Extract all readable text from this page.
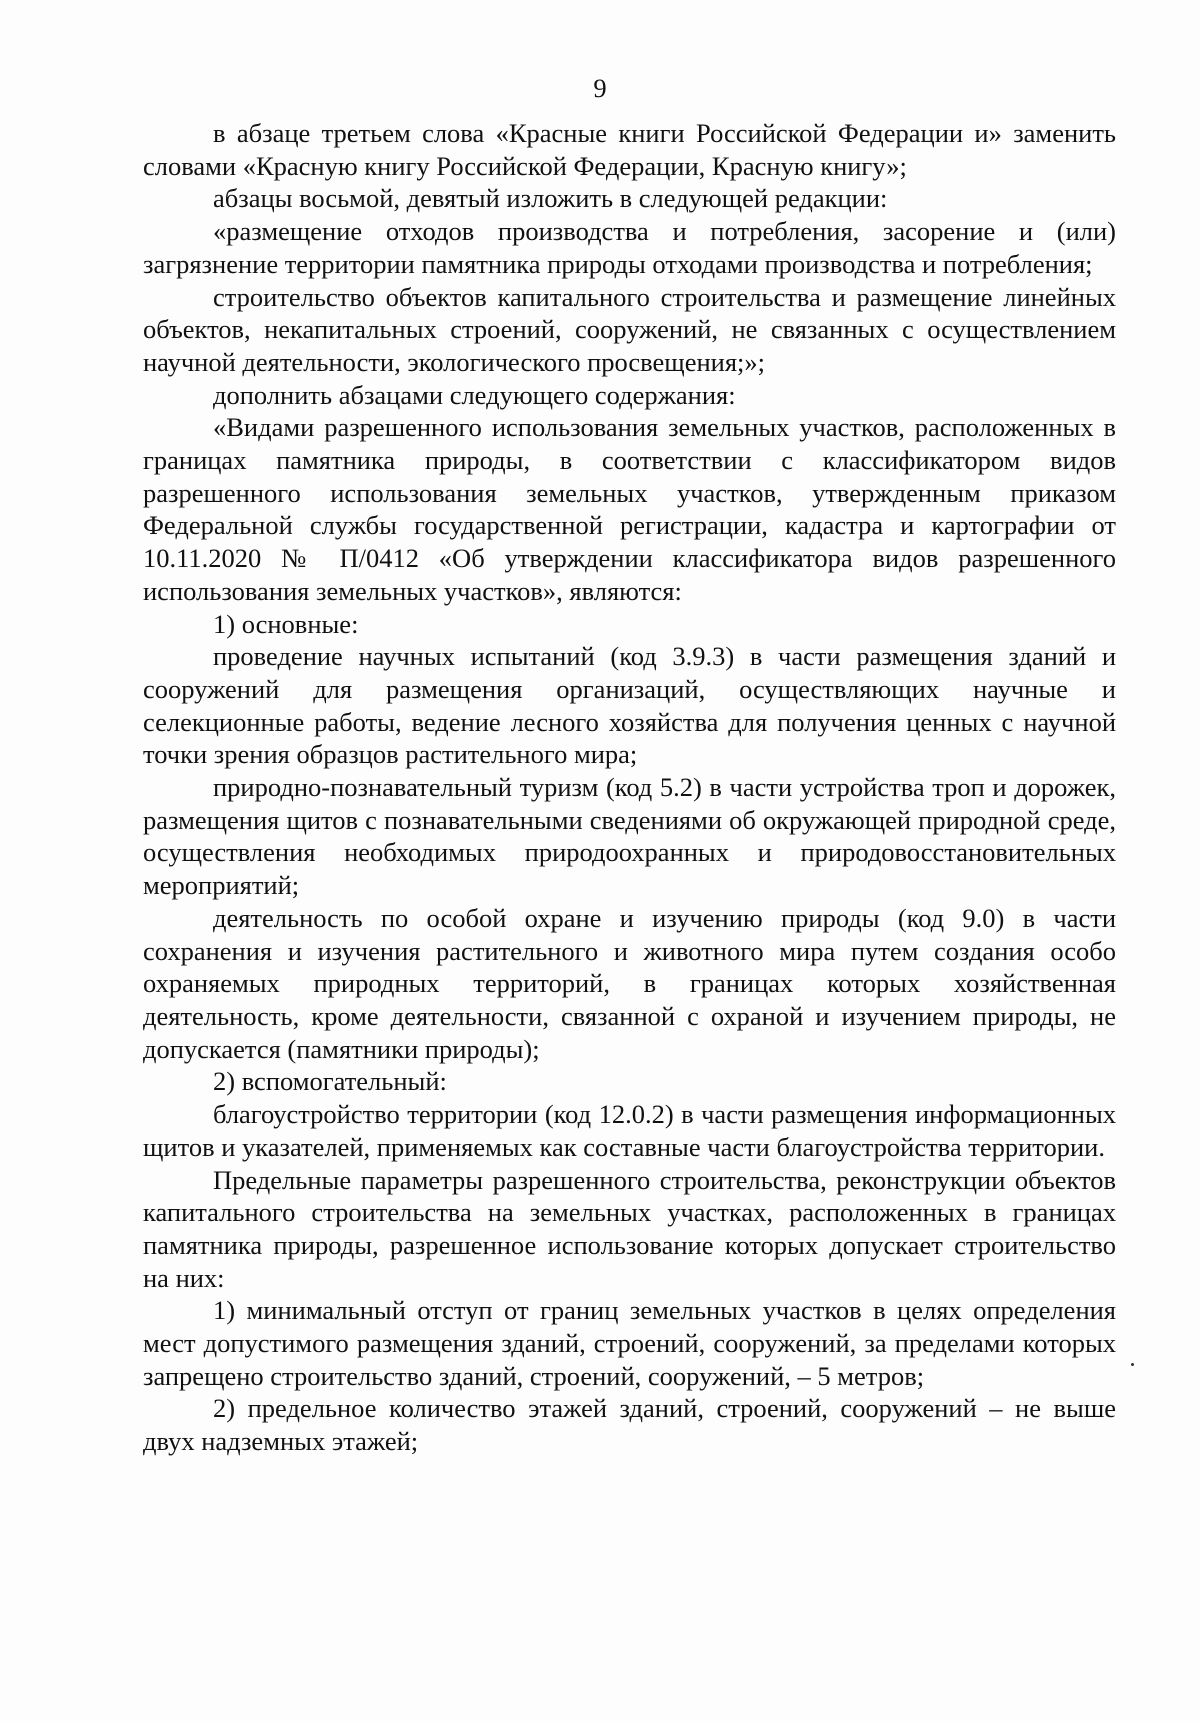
9

в абзаце третьем слова «Красные книги Российской Федерации и» заменить словами «Красную книгу Российской Федерации, Красную книгу»;

абзацы восьмой, девятый изложить в следующей редакции:

«размещение отходов производства и потребления, засорение и (или) загрязнение территории памятника природы отходами производства и потребления;

строительство объектов капитального строительства и размещение линейных объектов, некапитальных строений, сооружений, не связанных с осуществлением научной деятельности, экологического просвещения;»;

дополнить абзацами следующего содержания:

«Видами разрешенного использования земельных участков, расположенных в границах памятника природы, в соответствии с классификатором видов разрешенного использования земельных участков, утвержденным приказом Федеральной службы государственной регистрации, кадастра и картографии от 10.11.2020 № П/0412 «Об утверждении классификатора видов разрешенного использования земельных участков», являются:

1) основные:

проведение научных испытаний (код 3.9.3) в части размещения зданий и сооружений для размещения организаций, осуществляющих научные и селекционные работы, ведение лесного хозяйства для получения ценных с научной точки зрения образцов растительного мира;

природно-познавательный туризм (код 5.2) в части устройства троп и дорожек, размещения щитов с познавательными сведениями об окружающей природной среде, осуществления необходимых природоохранных и природовосстановительных мероприятий;

деятельность по особой охране и изучению природы (код 9.0) в части сохранения и изучения растительного и животного мира путем создания особо охраняемых природных территорий, в границах которых хозяйственная деятельность, кроме деятельности, связанной с охраной и изучением природы, не допускается (памятники природы);

2) вспомогательный:

благоустройство территории (код 12.0.2) в части размещения информационных щитов и указателей, применяемых как составные части благоустройства территории.

Предельные параметры разрешенного строительства, реконструкции объектов капитального строительства на земельных участках, расположенных в границах памятника природы, разрешенное использование которых допускает строительство на них:

1) минимальный отступ от границ земельных участков в целях определения мест допустимого размещения зданий, строений, сооружений, за пределами которых запрещено строительство зданий, строений, сооружений, – 5 метров;

2) предельное количество этажей зданий, строений, сооружений – не выше двух надземных этажей;
